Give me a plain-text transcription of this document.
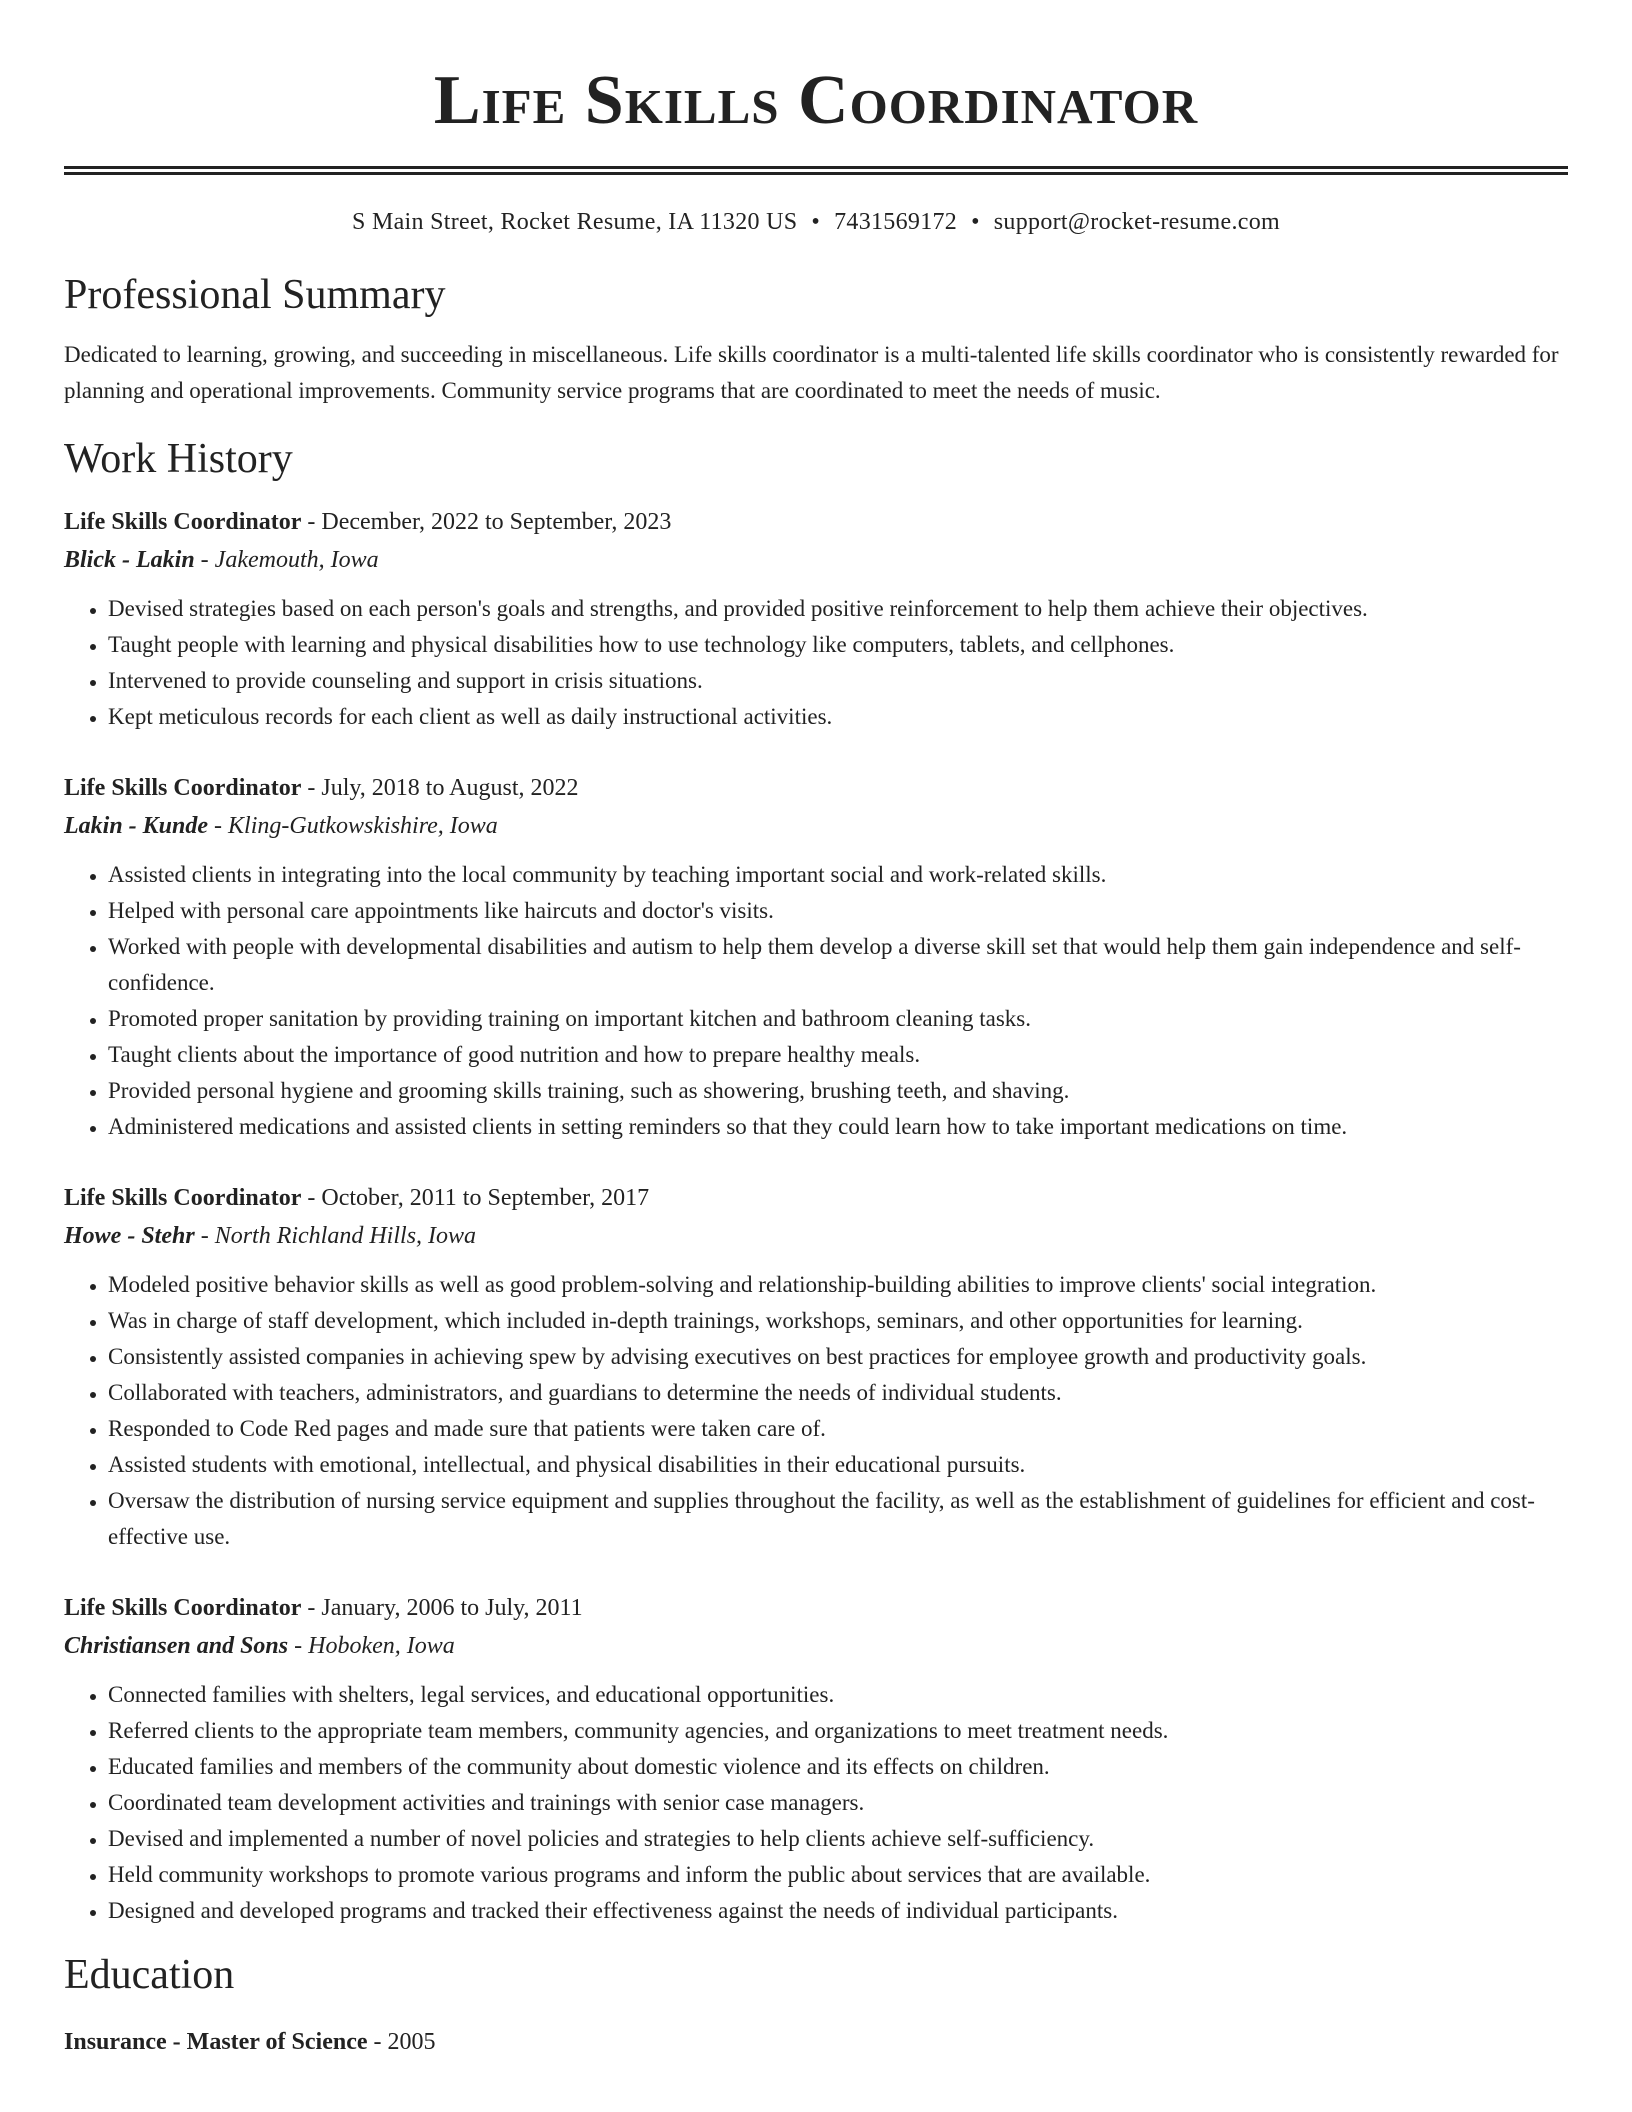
Life Skills Coordinator
S Main Street, Rocket Resume, IA 11320 US • 7431569172 • support@rocket-resume.com
Professional Summary
Dedicated to learning, growing, and succeeding in miscellaneous. Life skills coordinator is a multi-talented life skills coordinator who is consistently rewarded for planning and operational improvements. Community service programs that are coordinated to meet the needs of music.
Work History
Life Skills Coordinator - December, 2022 to September, 2023
Blick - Lakin - Jakemouth, Iowa
• Devised strategies based on each person's goals and strengths, and provided positive reinforcement to help them achieve their objectives.
• Taught people with learning and physical disabilities how to use technology like computers, tablets, and cellphones.
• Intervened to provide counseling and support in crisis situations.
• Kept meticulous records for each client as well as daily instructional activities.
Life Skills Coordinator - July, 2018 to August, 2022
Lakin - Kunde - Kling-Gutkowskishire, Iowa
• Assisted clients in integrating into the local community by teaching important social and work-related skills.
• Helped with personal care appointments like haircuts and doctor's visits.
• Worked with people with developmental disabilities and autism to help them develop a diverse skill set that would help them gain independence and self-confidence.
• Promoted proper sanitation by providing training on important kitchen and bathroom cleaning tasks.
• Taught clients about the importance of good nutrition and how to prepare healthy meals.
• Provided personal hygiene and grooming skills training, such as showering, brushing teeth, and shaving.
• Administered medications and assisted clients in setting reminders so that they could learn how to take important medications on time.
Life Skills Coordinator - October, 2011 to September, 2017
Howe - Stehr - North Richland Hills, Iowa
• Modeled positive behavior skills as well as good problem-solving and relationship-building abilities to improve clients' social integration.
• Was in charge of staff development, which included in-depth trainings, workshops, seminars, and other opportunities for learning.
• Consistently assisted companies in achieving spew by advising executives on best practices for employee growth and productivity goals.
• Collaborated with teachers, administrators, and guardians to determine the needs of individual students.
• Responded to Code Red pages and made sure that patients were taken care of.
• Assisted students with emotional, intellectual, and physical disabilities in their educational pursuits.
• Oversaw the distribution of nursing service equipment and supplies throughout the facility, as well as the establishment of guidelines for efficient and cost-effective use.
Life Skills Coordinator - January, 2006 to July, 2011
Christiansen and Sons - Hoboken, Iowa
• Connected families with shelters, legal services, and educational opportunities.
• Referred clients to the appropriate team members, community agencies, and organizations to meet treatment needs.
• Educated families and members of the community about domestic violence and its effects on children.
• Coordinated team development activities and trainings with senior case managers.
• Devised and implemented a number of novel policies and strategies to help clients achieve self-sufficiency.
• Held community workshops to promote various programs and inform the public about services that are available.
• Designed and developed programs and tracked their effectiveness against the needs of individual participants.
Education
Insurance - Master of Science - 2005
